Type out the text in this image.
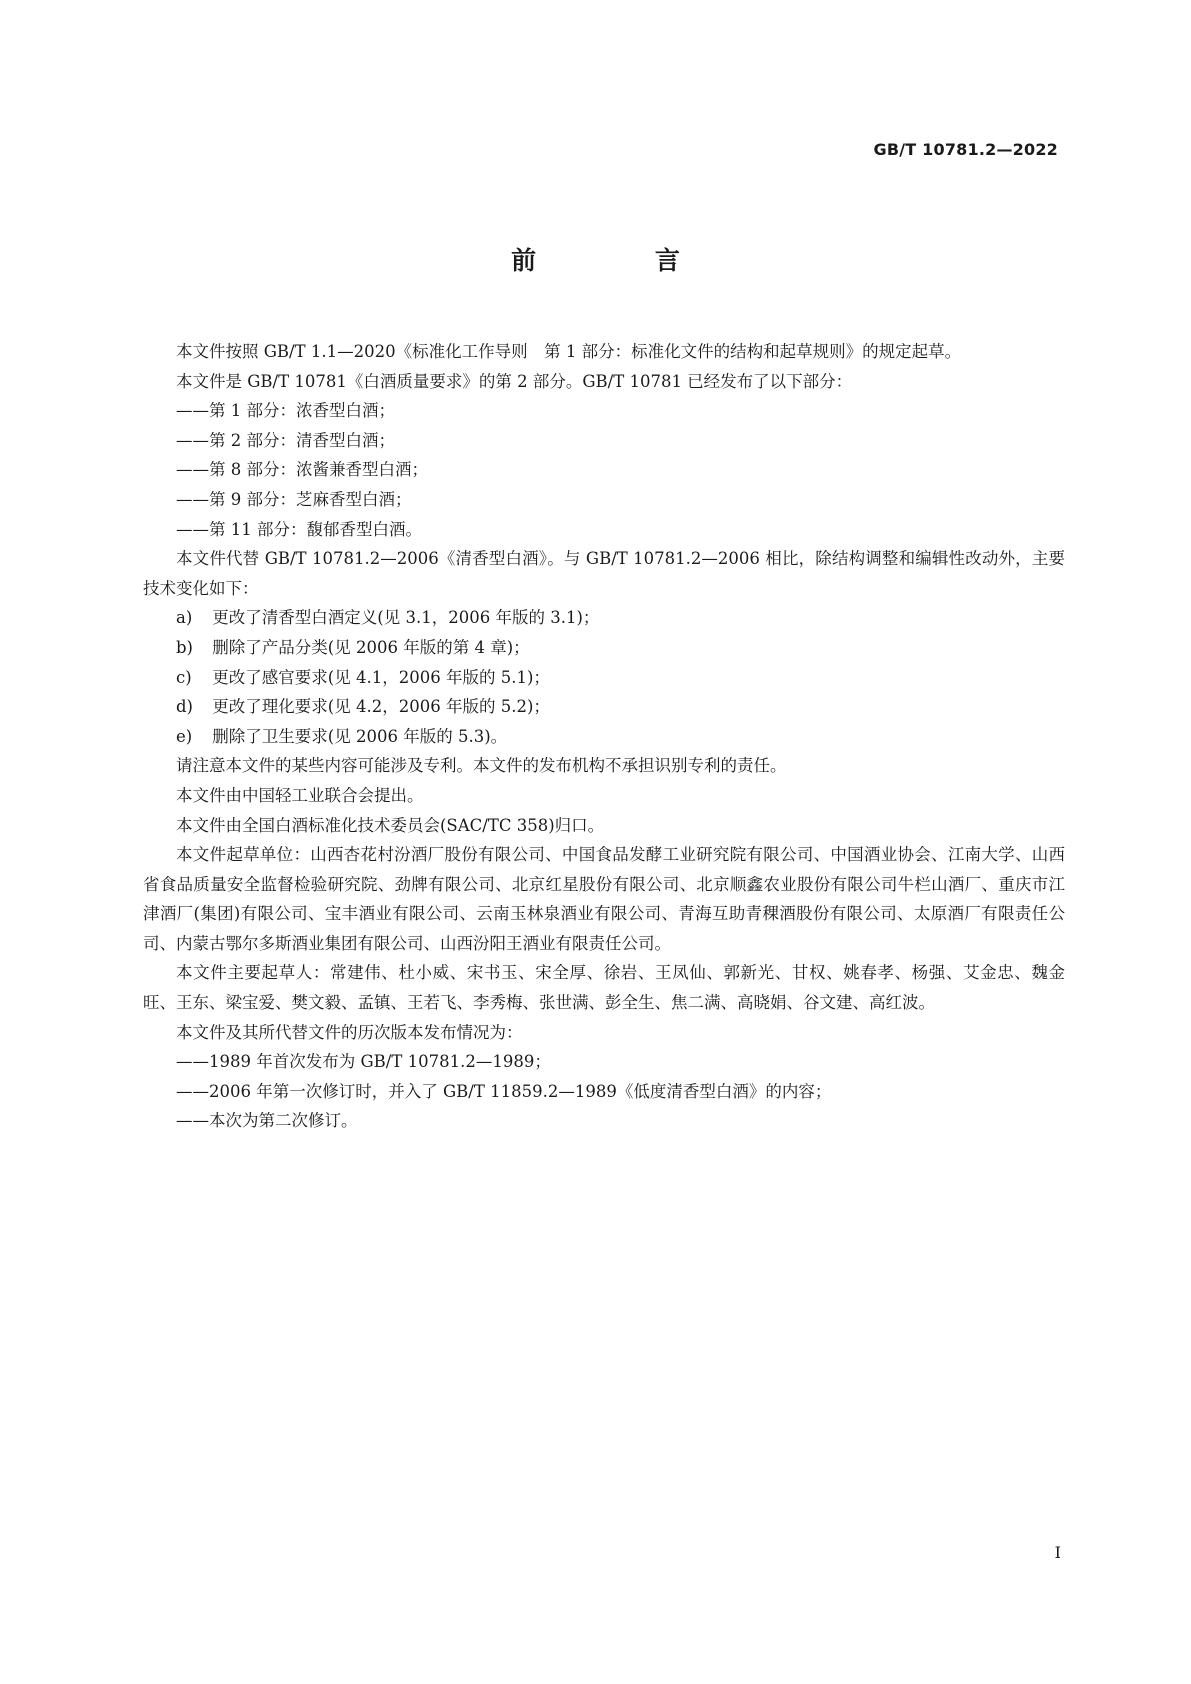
GB/T 10781.2—2022
前 言

本文件按照 GB/T 1.1—2020《标准化工作导则　第 1 部分：标准化文件的结构和起草规则》的规定起草。

本文件是 GB/T 10781《白酒质量要求》的第 2 部分。GB/T 10781 已经发布了以下部分：

——第 1 部分：浓香型白酒；
——第 2 部分：清香型白酒；
——第 8 部分：浓酱兼香型白酒；
——第 9 部分：芝麻香型白酒；
——第 11 部分：馥郁香型白酒。

本文件代替 GB/T 10781.2—2006《清香型白酒》。与 GB/T 10781.2—2006 相比，除结构调整和编辑性改动外，主要技术变化如下：

a) 更改了清香型白酒定义(见 3.1，2006 年版的 3.1)；
b) 删除了产品分类(见 2006 年版的第 4 章)；
c) 更改了感官要求(见 4.1，2006 年版的 5.1)；
d) 更改了理化要求(见 4.2，2006 年版的 5.2)；
e) 删除了卫生要求(见 2006 年版的 5.3)。

请注意本文件的某些内容可能涉及专利。本文件的发布机构不承担识别专利的责任。

本文件由中国轻工业联合会提出。

本文件由全国白酒标准化技术委员会(SAC/TC 358)归口。

本文件起草单位：山西杏花村汾酒厂股份有限公司、中国食品发酵工业研究院有限公司、中国酒业协会、江南大学、山西省食品质量安全监督检验研究院、劲牌有限公司、北京红星股份有限公司、北京顺鑫农业股份有限公司牛栏山酒厂、重庆市江津酒厂(集团)有限公司、宝丰酒业有限公司、云南玉林泉酒业有限公司、青海互助青稞酒股份有限公司、太原酒厂有限责任公司、内蒙古鄂尔多斯酒业集团有限公司、山西汾阳王酒业有限责任公司。

本文件主要起草人：常建伟、杜小威、宋书玉、宋全厚、徐岩、王凤仙、郭新光、甘权、姚春孝、杨强、艾金忠、魏金旺、王东、梁宝爱、樊文毅、孟镇、王若飞、李秀梅、张世满、彭全生、焦二满、高晓娟、谷文建、高红波。

本文件及其所代替文件的历次版本发布情况为：

——1989 年首次发布为 GB/T 10781.2—1989；
——2006 年第一次修订时，并入了 GB/T 11859.2—1989《低度清香型白酒》的内容；
——本次为第二次修订。
I
